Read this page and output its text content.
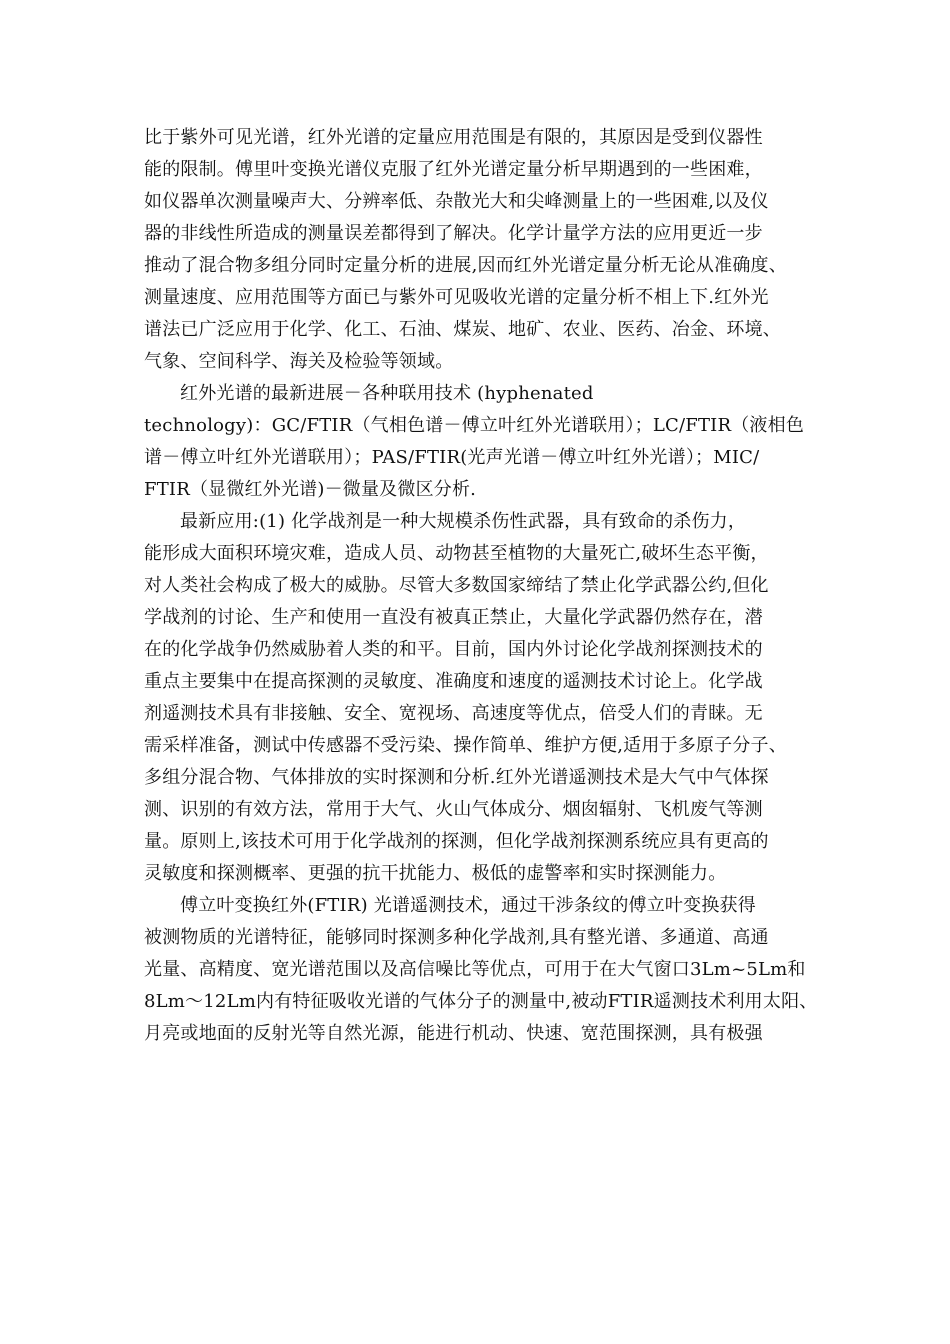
比于紫外可见光谱，红外光谱的定量应用范围是有限的，其原因是受到仪器性
能的限制。傅里叶变换光谱仪克服了红外光谱定量分析早期遇到的一些困难，
如仪器单次测量噪声大、分辨率低、杂散光大和尖峰测量上的一些困难,以及仪
器的非线性所造成的测量误差都得到了解决。化学计量学方法的应用更近一步
推动了混合物多组分同时定量分析的进展,因而红外光谱定量分析无论从准确度、
测量速度、应用范围等方面已与紫外可见吸收光谱的定量分析不相上下.红外光
谱法已广泛应用于化学、化工、石油、煤炭、地矿、农业、医药、冶金、环境、
气象、空间科学、海关及检验等领域。
红外光谱的最新进展－各种联用技术 (hyphenated
technology)：GC/FTIR（气相色谱－傅立叶红外光谱联用）；LC/FTIR（液相色
谱－傅立叶红外光谱联用）；PAS/FTIR(光声光谱－傅立叶红外光谱）；MIC/
FTIR（显微红外光谱)－微量及微区分析.
最新应用:(1) 化学战剂是一种大规模杀伤性武器，具有致命的杀伤力，
能形成大面积环境灾难，造成人员、动物甚至植物的大量死亡,破坏生态平衡，
对人类社会构成了极大的威胁。尽管大多数国家缔结了禁止化学武器公约,但化
学战剂的讨论、生产和使用一直没有被真正禁止，大量化学武器仍然存在，潜
在的化学战争仍然威胁着人类的和平。目前，国内外讨论化学战剂探测技术的
重点主要集中在提高探测的灵敏度、准确度和速度的遥测技术讨论上。化学战
剂遥测技术具有非接触、安全、宽视场、高速度等优点，倍受人们的青睐。无
需采样准备，测试中传感器不受污染、操作简单、维护方便,适用于多原子分子、
多组分混合物、气体排放的实时探测和分析.红外光谱遥测技术是大气中气体探
测、识别的有效方法，常用于大气、火山气体成分、烟囱辐射、飞机废气等测
量。原则上,该技术可用于化学战剂的探测，但化学战剂探测系统应具有更高的
灵敏度和探测概率、更强的抗干扰能力、极低的虚警率和实时探测能力。
傅立叶变换红外(FTIR) 光谱遥测技术，通过干涉条纹的傅立叶变换获得
被测物质的光谱特征，能够同时探测多种化学战剂,具有整光谱、多通道、高通
光量、高精度、宽光谱范围以及高信噪比等优点，可用于在大气窗口3Lm~5Lm和
8Lm～12Lm内有特征吸收光谱的气体分子的测量中,被动FTIR遥测技术利用太阳、
月亮或地面的反射光等自然光源，能进行机动、快速、宽范围探测，具有极强
